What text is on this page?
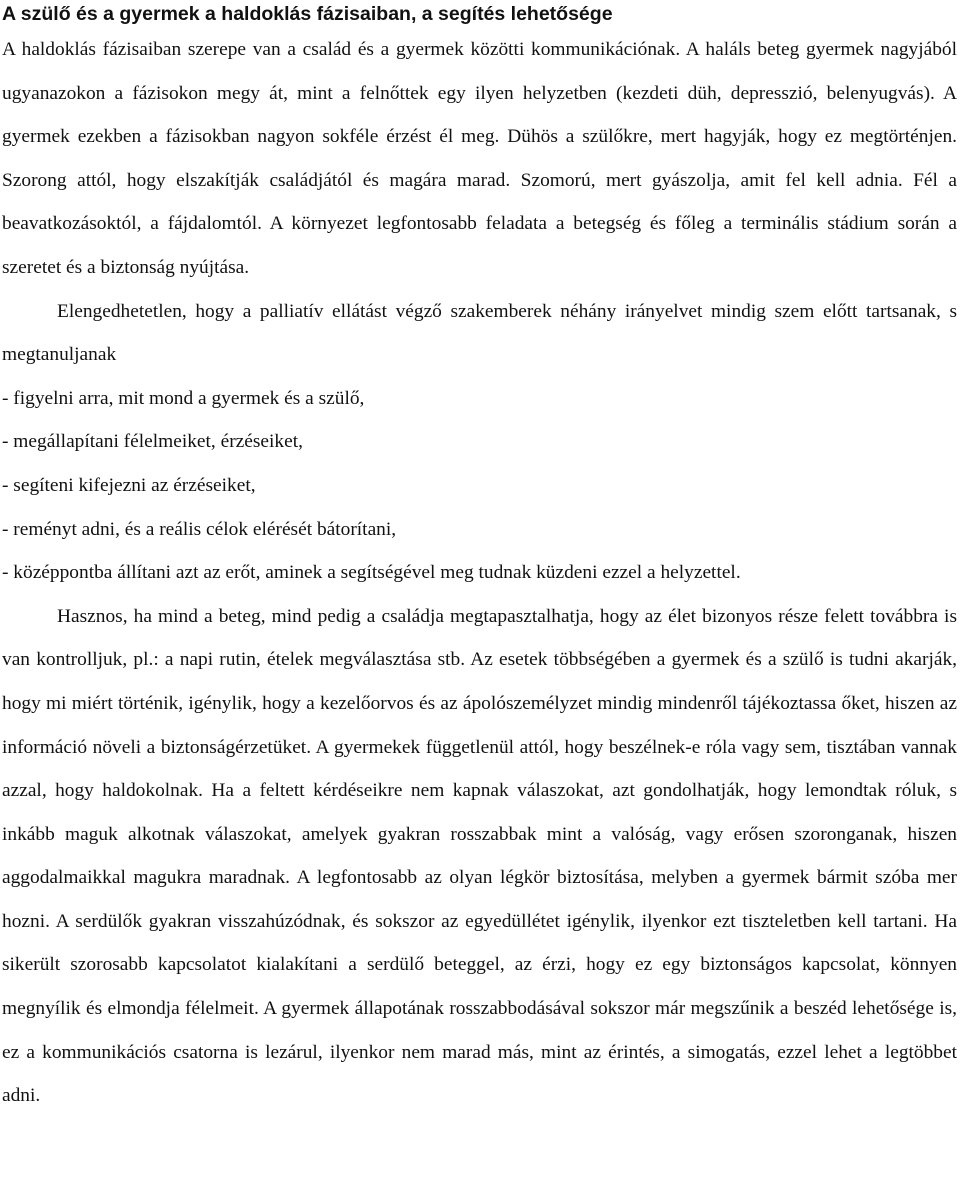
A szülő és a gyermek a haldoklás fázisaiban, a segítés lehetősége

A haldoklás fázisaiban szerepe van a család és a gyermek közötti kommunikációnak. A haláls beteg gyermek nagyjából ugyanazokon a fázisokon megy át, mint a felnőttek egy ilyen helyzetben (kezdeti düh, depresszió, belenyugvás). A gyermek ezekben a fázisokban nagyon sokféle érzést él meg. Dühös a szülőkre, mert hagyják, hogy ez megtörténjen. Szorong attól, hogy elszakítják családjától és magára marad. Szomorú, mert gyászolja, amit fel kell adnia. Fél a beavatkozásoktól, a fájdalomtól. A környezet legfontosabb feladata a betegség és főleg a terminális stádium során a szeretet és a biztonság nyújtása.

Elengedhetetlen, hogy a palliatív ellátást végző szakemberek néhány irányelvet mindig szem előtt tartsanak, s megtanuljanak

- figyelni arra, mit mond a gyermek és a szülő,
- megállapítani félelmeiket, érzéseiket,
- segíteni kifejezni az érzéseiket,
- reményt adni, és a reális célok elérését bátorítani,
- középpontba állítani azt az erőt, aminek a segítségével meg tudnak küzdeni ezzel a helyzettel.

Hasznos, ha mind a beteg, mind pedig a családja megtapasztalhatja, hogy az élet bizonyos része felett továbbra is van kontrolljuk, pl.: a napi rutin, ételek megválasztása stb. Az esetek többségében a gyermek és a szülő is tudni akarják, hogy mi miért történik, igénylik, hogy a kezelőorvos és az ápolószemélyzet mindig mindenről tájékoztassa őket, hiszen az információ növeli a biztonságérzetüket. A gyermekek függetlenül attól, hogy beszélnek-e róla vagy sem, tisztában vannak azzal, hogy haldokolnak. Ha a feltett kérdéseikre nem kapnak válaszokat, azt gondolhatják, hogy lemondtak róluk, s inkább maguk alkotnak válaszokat, amelyek gyakran rosszabbak mint a valóság, vagy erősen szoronganak, hiszen aggodalmaikkal magukra maradnak. A legfontosabb az olyan légkör biztosítása, melyben a gyermek bármit szóba mer hozni. A serdülők gyakran visszahúzódnak, és sokszor az egyedüllétet igénylik, ilyenkor ezt tiszteletben kell tartani. Ha sikerült szorosabb kapcsolatot kialakítani a serdülő beteggel, az érzi, hogy ez egy biztonságos kapcsolat, könnyen megnyílik és elmondja félelmeit. A gyermek állapotának rosszabbodásával sokszor már megszűnik a beszéd lehetősége is, ez a kommunikációs csatorna is lezárul, ilyenkor nem marad más, mint az érintés, a simogatás, ezzel lehet a legtöbbet adni.
